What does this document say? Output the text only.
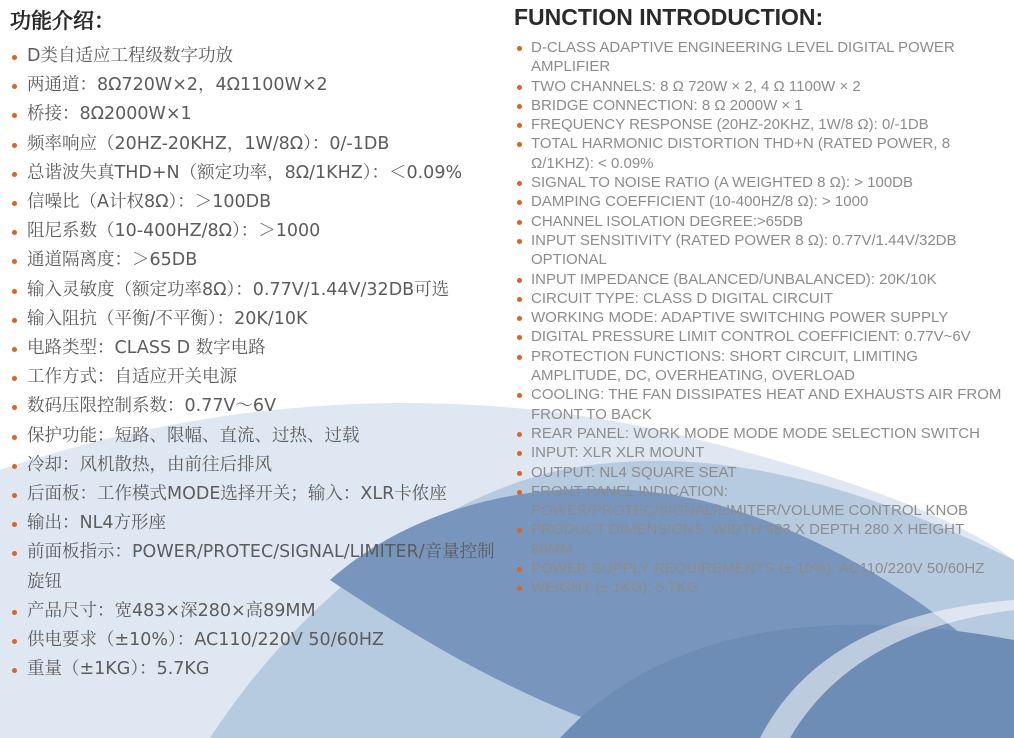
功能介绍：
D类自适应工程级数字功放
两通道：8Ω720W×2，4Ω1100W×2
桥接：8Ω2000W×1
频率响应（20HZ-20KHZ，1W/8Ω）：0/-1DB
总谐波失真THD+N（额定功率，8Ω/1KHZ）：＜0.09%
信噪比（A计权8Ω）：＞100DB
阻尼系数（10-400HZ/8Ω）：＞1000
通道隔离度：＞65DB
输入灵敏度（额定功率8Ω）：0.77V/1.44V/32DB可选
输入阻抗（平衡/不平衡）：20K/10K
电路类型：CLASS D 数字电路
工作方式：自适应开关电源
数码压限控制系数：0.77V～6V
保护功能：短路、限幅、直流、过热、过载
冷却：风机散热，由前往后排风
后面板：工作模式MODE选择开关；输入：XLR卡侬座
输出：NL4方形座
前面板指示：POWER/PROTEC/SIGNAL/LIMITER/音量控制旋钮
产品尺寸：宽483×深280×高89MM
供电要求（±10%）：AC110/220V 50/60HZ
重量（±1KG）：5.7KG
FUNCTION INTRODUCTION:
D-CLASS ADAPTIVE ENGINEERING LEVEL DIGITAL POWER AMPLIFIER
TWO CHANNELS: 8 Ω 720W × 2, 4 Ω 1100W × 2
BRIDGE CONNECTION: 8 Ω 2000W × 1
FREQUENCY RESPONSE (20HZ-20KHZ, 1W/8 Ω): 0/-1DB
TOTAL HARMONIC DISTORTION THD+N (RATED POWER, 8 Ω/1KHZ): < 0.09%
SIGNAL TO NOISE RATIO (A WEIGHTED 8 Ω): > 100DB
DAMPING COEFFICIENT (10-400HZ/8 Ω): > 1000
CHANNEL ISOLATION DEGREE:>65DB
INPUT SENSITIVITY (RATED POWER 8 Ω): 0.77V/1.44V/32DB OPTIONAL
INPUT IMPEDANCE (BALANCED/UNBALANCED): 20K/10K
CIRCUIT TYPE: CLASS D DIGITAL CIRCUIT
WORKING MODE: ADAPTIVE SWITCHING POWER SUPPLY
DIGITAL PRESSURE LIMIT CONTROL COEFFICIENT: 0.77V~6V
PROTECTION FUNCTIONS: SHORT CIRCUIT, LIMITING AMPLITUDE, DC, OVERHEATING, OVERLOAD
COOLING: THE FAN DISSIPATES HEAT AND EXHAUSTS AIR FROM FRONT TO BACK
REAR PANEL: WORK MODE MODE MODE SELECTION SWITCH
INPUT: XLR XLR MOUNT
OUTPUT: NL4 SQUARE SEAT
FRONT PANEL INDICATION: POWER/PROTEC/SIGNAL/LIMITER/VOLUME CONTROL KNOB
PRODUCT DIMENSIONS: WIDTH 483 X DEPTH 280 X HEIGHT 89MM
POWER SUPPLY REQUIREMENTS (± 10%): AC110/220V 50/60HZ
WEIGHT (± 1KG): 5.7KG
